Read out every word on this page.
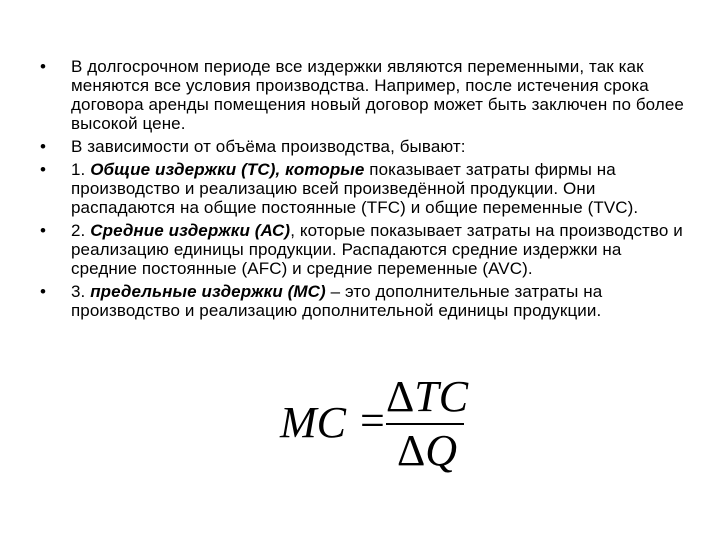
•	В долгосрочном периоде все издержки являются переменными, так как меняются все условия производства. Например, после истечения срока договора аренды помещения новый договор может быть заключен по более высокой цене.
•	В зависимости от объёма производства, бывают:
•	1. Общие издержки (ТС), которые показывает затраты фирмы на производство и реализацию всей произведённой продукции. Они распадаются на общие постоянные (TFC) и общие переменные (TVC).
•	2. Средние издержки (АС), которые показывает затраты на производство и реализацию единицы продукции. Распадаются средние издержки на средние постоянные (AFC) и средние переменные (AVC).
•	3. предельные издержки (МС) – это дополнительные затраты на производство и реализацию дополнительной единицы продукции.
MC = ΔTC
ΔQ
